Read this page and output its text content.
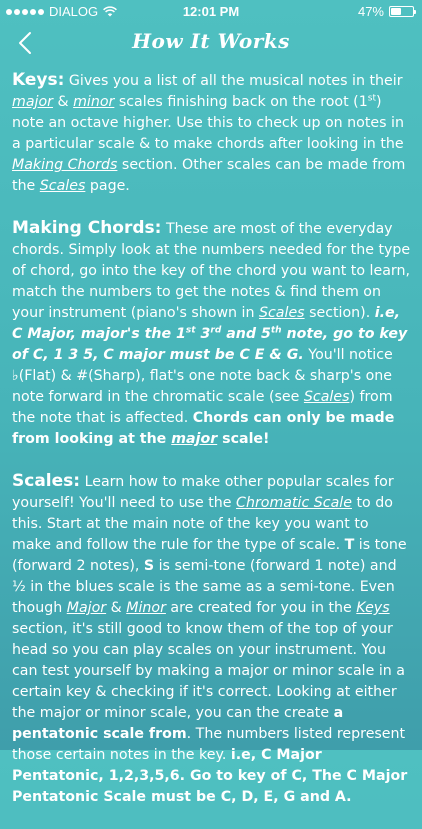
DIALOG	12:01 PM	47%
How It Works

Keys: Gives you a list of all the musical notes in their major & minor scales finishing back on the root (1st) note an octave higher. Use this to check up on notes in a particular scale & to make chords after looking in the Making Chords section. Other scales can be made from the Scales page.

Making Chords: These are most of the everyday chords. Simply look at the numbers needed for the type of chord, go into the key of the chord you want to learn, match the numbers to get the notes & find them on your instrument (piano's shown in Scales section). i.e, C Major, major's the 1st 3rd and 5th note, go to key of C, 1 3 5, C major must be C E & G. You'll notice ♭(Flat) & #(Sharp), flat's one note back & sharp's one note forward in the chromatic scale (see Scales) from the note that is affected. Chords can only be made from looking at the major scale!

Scales: Learn how to make other popular scales for yourself! You'll need to use the Chromatic Scale to do this. Start at the main note of the key you want to make and follow the rule for the type of scale. T is tone (forward 2 notes), S is semi-tone (forward 1 note) and ½ in the blues scale is the same as a semi-tone. Even though Major & Minor are created for you in the Keys section, it's still good to know them of the top of your head so you can play scales on your instrument. You can test yourself by making a major or minor scale in a certain key & checking if it's correct. Looking at either the major or minor scale, you can the create a pentatonic scale from. The numbers listed represent those certain notes in the key. i.e, C Major Pentatonic, 1,2,3,5,6. Go to key of C, The C Major Pentatonic Scale must be C, D, E, G and A.
